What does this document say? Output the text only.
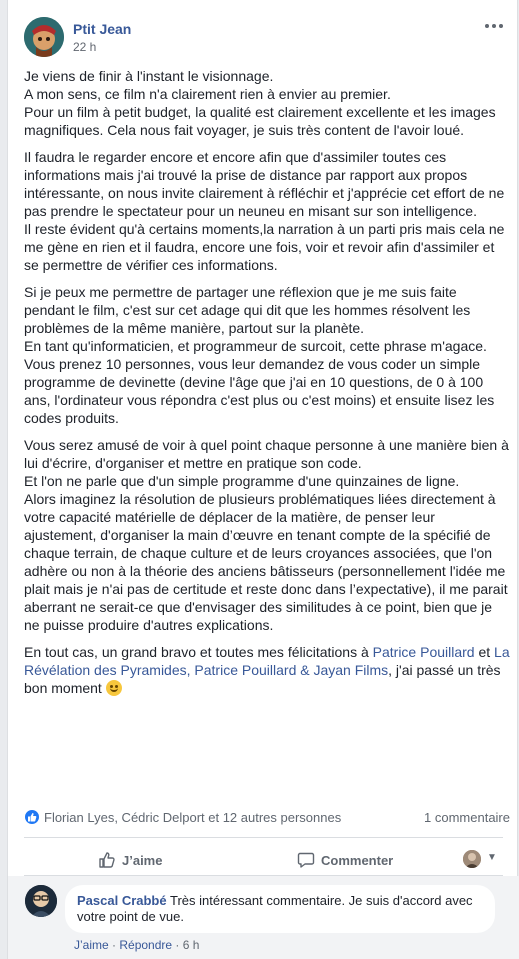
Ptit Jean
22 h

Je viens de finir à l'instant le visionnage.
A mon sens, ce film n'a clairement rien à envier au premier.
Pour un film à petit budget, la qualité est clairement excellente et les images magnifiques. Cela nous fait voyager, je suis très content de l'avoir loué.

Il faudra le regarder encore et encore afin que d'assimiler toutes ces informations mais j'ai trouvé la prise de distance par rapport aux propos intéressante, on nous invite clairement à réfléchir et j'apprécie cet effort de ne pas prendre le spectateur pour un neuneu en misant sur son intelligence.
Il reste évident qu'à certains moments,la narration à un parti pris mais cela ne me gène en rien et il faudra, encore une fois, voir et revoir afin d'assimiler et se permettre de vérifier ces informations.

Si je peux me permettre de partager une réflexion que je me suis faite pendant le film, c'est sur cet adage qui dit que les hommes résolvent les problèmes de la même manière, partout sur la planète.
En tant qu'informaticien, et programmeur de surcoit, cette phrase m'agace.
Vous prenez 10 personnes, vous leur demandez de vous coder un simple programme de devinette (devine l'âge que j'ai en 10 questions, de 0 à 100 ans, l'ordinateur vous répondra c'est plus ou c'est moins) et ensuite lisez les codes produits.

Vous serez amusé de voir à quel point chaque personne à une manière bien à lui d'écrire, d'organiser et mettre en pratique son code.
Et l'on ne parle que d'un simple programme d'une quinzaines de ligne.
Alors imaginez la résolution de plusieurs problématiques liées directement à votre capacité matérielle de déplacer de la matière, de penser leur ajustement, d'organiser la main d’œuvre en tenant compte de la spécifié de chaque terrain, de chaque culture et de leurs croyances associées, que l'on adhère ou non à la théorie des anciens bâtisseurs (personnellement l'idée me plait mais je n'ai pas de certitude et reste donc dans l’expectative), il me parait aberrant ne serait-ce que d'envisager des similitudes à ce point, bien que je ne puisse produire d'autres explications.

En tout cas, un grand bravo et toutes mes félicitations à Patrice Pouillard et La Révélation des Pyramides, Patrice Pouillard & Jayan Films, j'ai passé un très bon moment

Florian Lyes, Cédric Delport et 12 autres personnes	1 commentaire
J’aime	Commenter	▼
Pascal Crabbé Très intéressant commentaire. Je suis d'accord avec votre point de vue.
J’aime · Répondre · 6 h
